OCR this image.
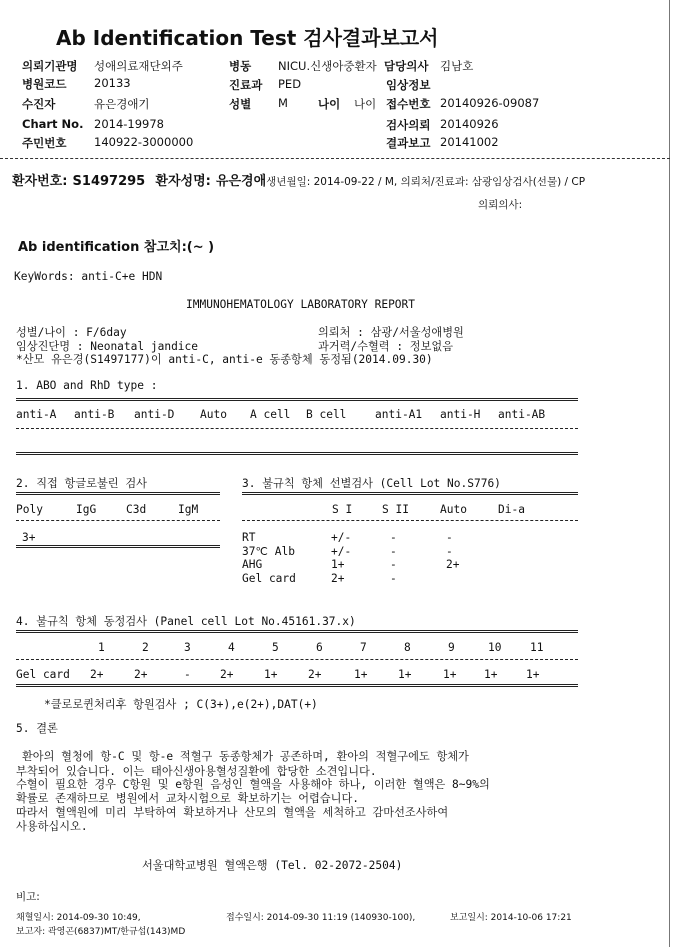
Ab Identification Test 검사결과보고서
의뢰기관명 성애의료재단외주
병원코드 20133
수진자	유은경애기
Chart No. 2014-19978
주민번호 140922-3000000
병동 NICU.신생아중환자
진료과 PED
성별 M	나이 나이
담당의사 김남호
임상정보
접수번호 20140926-09087
검사의뢰 20140926
결과보고 20141002
환자번호: S1497295 환자성명: 유은경애생년월일: 2014-09-22 / M, 의뢰처/진료과: 삼광임상검사(선물) / CP
의뢰의사:
Ab identification 참고치:(~ )
KeyWords: anti-C+e HDN
IMMUNOHEMATOLOGY LABORATORY REPORT
성별/나이 : F/6day	의뢰처 : 삼광/서울성애병원
임상진단명 : Neonatal jandice	과거력/수혈력 : 정보없음
*산모 유은경(S1497177)이 anti-C, anti-e 동종항체 동정됨(2014.09.30)
1. ABO and RhD type :
anti-A anti-B anti-D Auto A cell B cell	anti-A1 anti-H anti-AB
2. 직접 항글로불린 검사
Poly	IgG	C3d	IgM
3+
3. 불규칙 항체 선별검사 (Cell Lot No.S776)
S I	S II	Auto	Di-a
RT	+/-	-	-
37℃ Alb	+/-	-	-
AHG	1+	-	2+
Gel card	2+	-
4. 불규칙 항체 동정검사 (Panel cell Lot No.45161.37.x)
1	2	3	4	5	6	7	8	9	10	11
Gel card 2+	2+	-	2+	1+	2+	1+	1+	1+ 1+	1+
*클로로퀸처리후 항원검사 ; C(3+),e(2+),DAT(+)
5. 결론
환아의 혈청에 항-C 및 항-e 적혈구 동종항체가 공존하며, 환아의 적혈구에도 항체가
부착되어 있습니다. 이는 태아신생아용혈성질환에 합당한 소견입니다.
수혈이 필요한 경우 C항원 및 e항원 음성인 혈액을 사용해야 하나, 이러한 혈액은 8~9%의
확률로 존재하므로 병원에서 교차시험으로 확보하기는 어렵습니다.
따라서 혈액원에 미리 부탁하여 확보하거나 산모의 혈액을 세척하고 감마선조사하여
사용하십시오.
서울대학교병원 혈액은행 (Tel. 02-2072-2504)
비고:
채혈일시: 2014-09-30 10:49,	접수일시: 2014-09-30 11:19 (140930-100),	보고일시: 2014-10-06 17:21
보고자: 곽영곤(6837)MT/한규섭(143)MD
